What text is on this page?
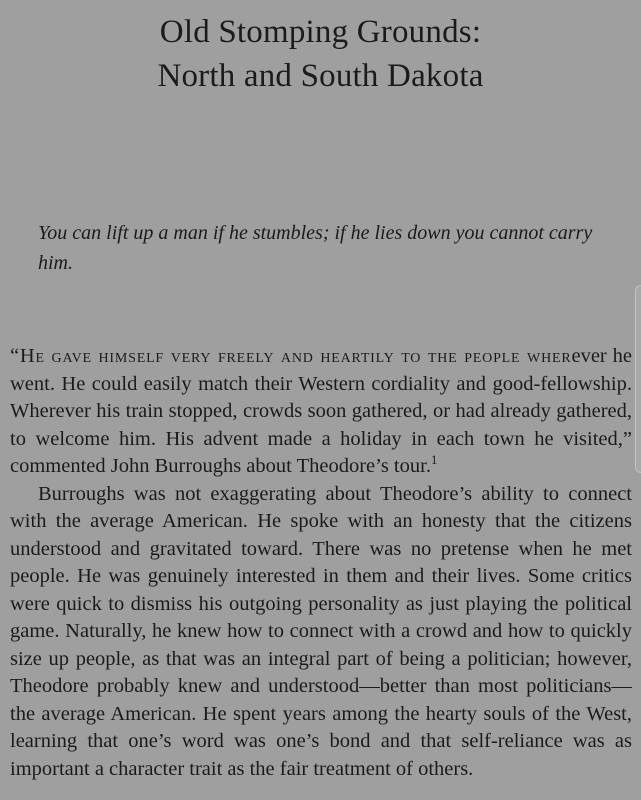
Old Stomping Grounds:
North and South Dakota
You can lift up a man if he stumbles; if he lies down you cannot carry him.

“He gave himself very freely and heartily to the people wherever he went. He could easily match their Western cordiality and good-fellowship. Wherever his train stopped, crowds soon gathered, or had already gathered, to welcome him. His advent made a holiday in each town he visited,” commented John Burroughs about Theodore’s tour.$^1$

Burroughs was not exaggerating about Theodore’s ability to connect with the average American. He spoke with an honesty that the citizens understood and gravitated toward. There was no pretense when he met people. He was genuinely interested in them and their lives. Some critics were quick to dismiss his outgoing personality as just playing the political game. Naturally, he knew how to connect with a crowd and how to quickly size up people, as that was an integral part of being a politician; however, Theodore probably knew and understood—better than most politicians—the average American. He spent years among the hearty souls of the West, learning that one’s word was one’s bond and that self-reliance was as important a character trait as the fair treatment of others.
